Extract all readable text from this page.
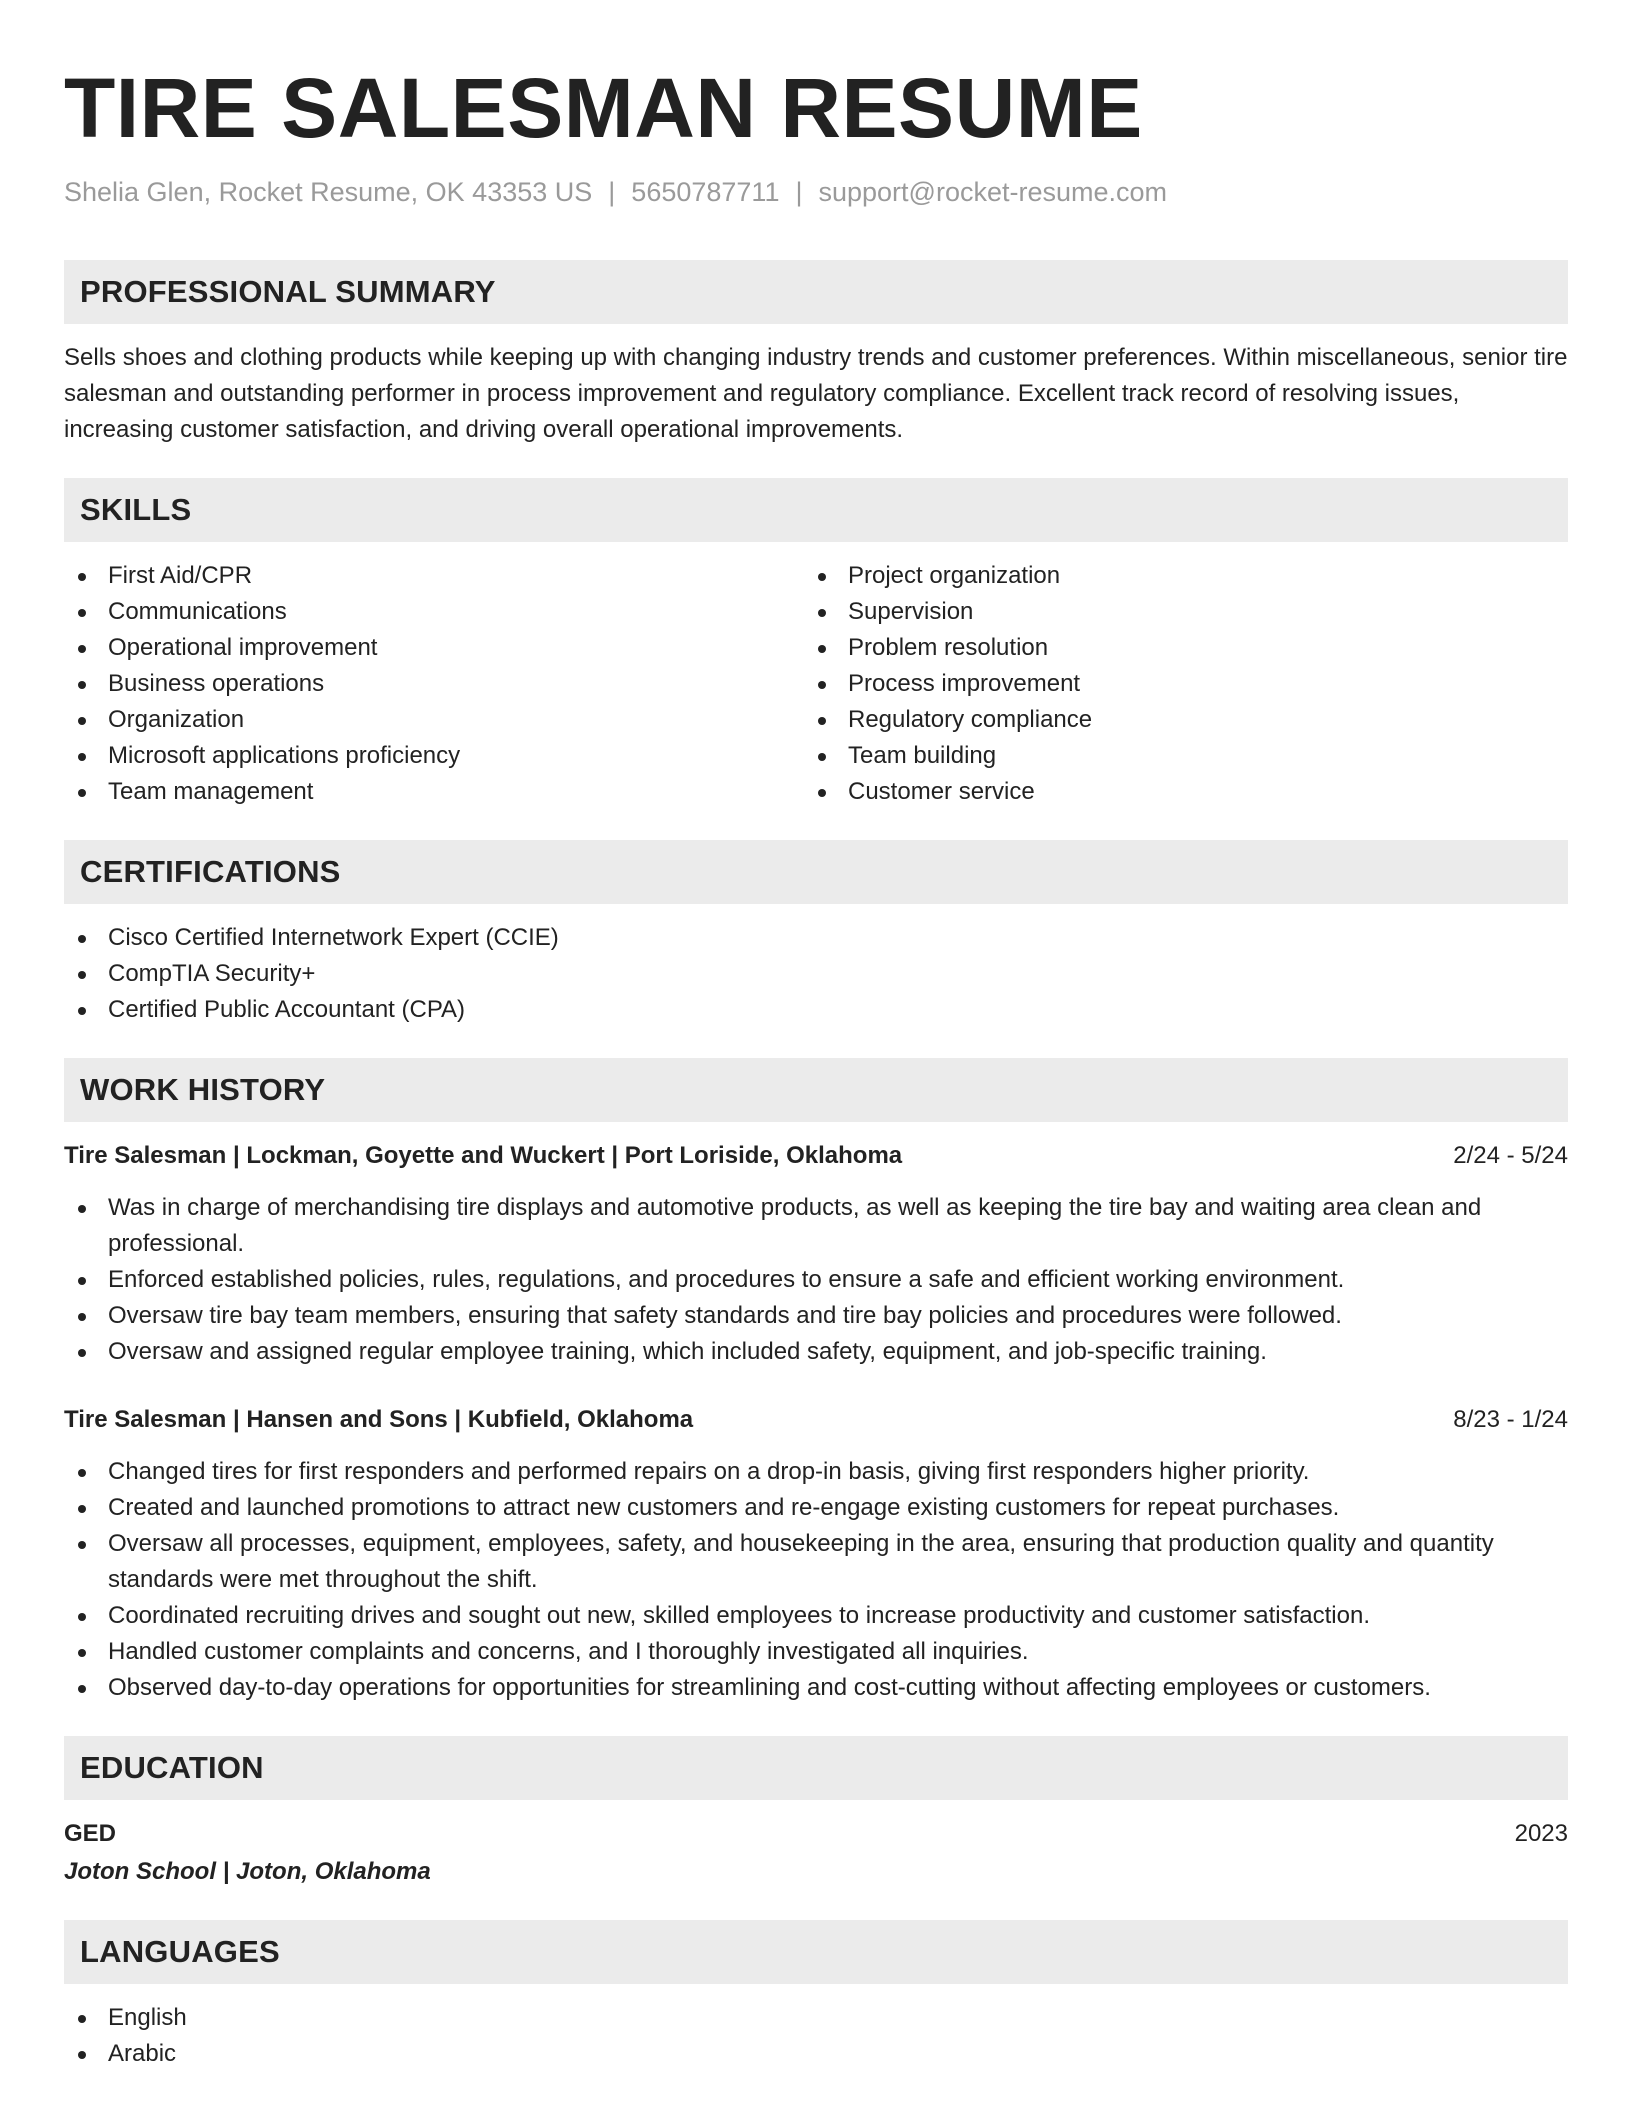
TIRE SALESMAN RESUME
Shelia Glen, Rocket Resume, OK 43353 US | 5650787711 | support@rocket-resume.com
PROFESSIONAL SUMMARY

Sells shoes and clothing products while keeping up with changing industry trends and customer preferences. Within miscellaneous, senior tire salesman and outstanding performer in process improvement and regulatory compliance. Excellent track record of resolving issues, increasing customer satisfaction, and driving overall operational improvements.

SKILLS
First Aid/CPR
Communications
Operational improvement
Business operations
Organization
Microsoft applications proficiency
Team management
Project organization
Supervision
Problem resolution
Process improvement
Regulatory compliance
Team building
Customer service
CERTIFICATIONS
Cisco Certified Internetwork Expert (CCIE)
CompTIA Security+
Certified Public Accountant (CPA)
WORK HISTORY
Tire Salesman | Lockman, Goyette and Wuckert | Port Loriside, Oklahoma	2/24 - 5/24
Was in charge of merchandising tire displays and automotive products, as well as keeping the tire bay and waiting area clean and professional.
Enforced established policies, rules, regulations, and procedures to ensure a safe and efficient working environment.
Oversaw tire bay team members, ensuring that safety standards and tire bay policies and procedures were followed.
Oversaw and assigned regular employee training, which included safety, equipment, and job-specific training.
Tire Salesman | Hansen and Sons | Kubfield, Oklahoma	8/23 - 1/24
Changed tires for first responders and performed repairs on a drop-in basis, giving first responders higher priority.
Created and launched promotions to attract new customers and re-engage existing customers for repeat purchases.
Oversaw all processes, equipment, employees, safety, and housekeeping in the area, ensuring that production quality and quantity standards were met throughout the shift.
Coordinated recruiting drives and sought out new, skilled employees to increase productivity and customer satisfaction.
Handled customer complaints and concerns, and I thoroughly investigated all inquiries.
Observed day-to-day operations for opportunities for streamlining and cost-cutting without affecting employees or customers.
EDUCATION
GED	2023
Joton School | Joton, Oklahoma
LANGUAGES
English
Arabic
